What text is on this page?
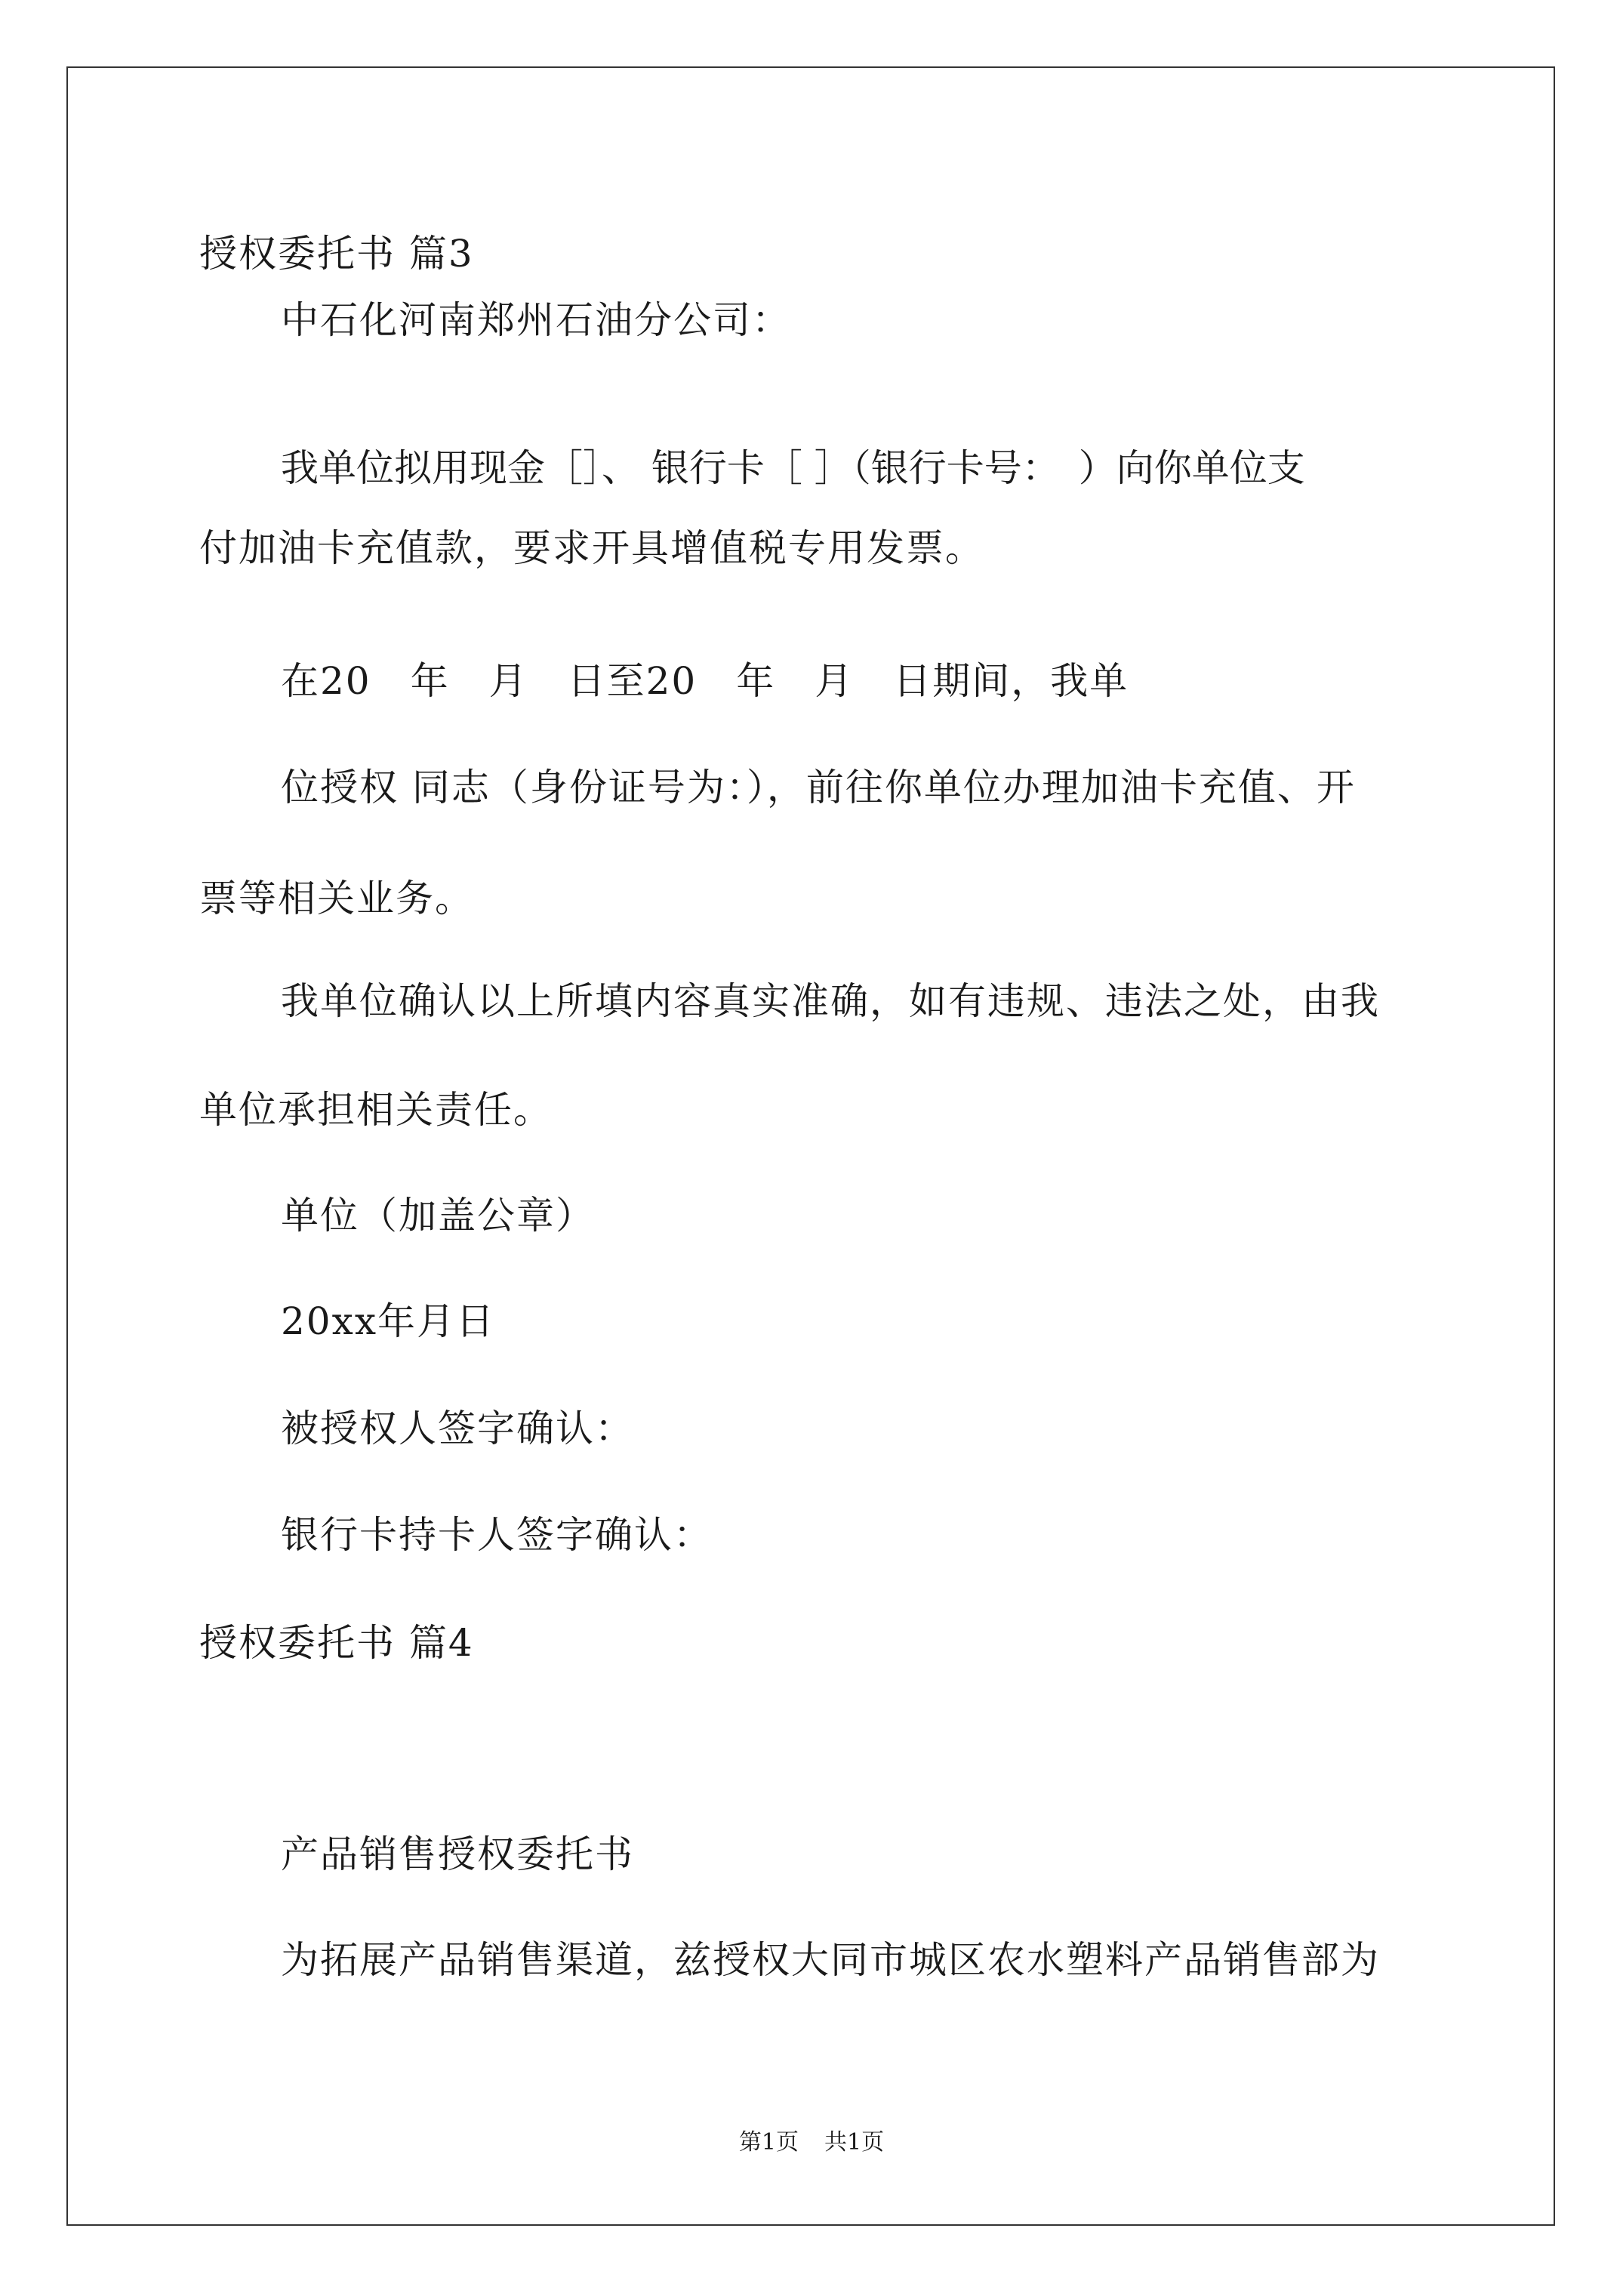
授权委托书 篇3
中石化河南郑州石油分公司：
我单位拟用现金［］、 银行卡［ ］（银行卡号：　）向你单位支
付加油卡充值款，要求开具增值税专用发票。
在20　年　月　日至20　年　月　日期间，我单
位授权 同志（身份证号为：），前往你单位办理加油卡充值、开
票等相关业务。
我单位确认以上所填内容真实准确，如有违规、违法之处，由我
单位承担相关责任。
单位（加盖公章）
20xx年月日
被授权人签字确认：
银行卡持卡人签字确认：
授权委托书 篇4
产品销售授权委托书
为拓展产品销售渠道，兹授权大同市城区农水塑料产品销售部为
第1页 共1页
